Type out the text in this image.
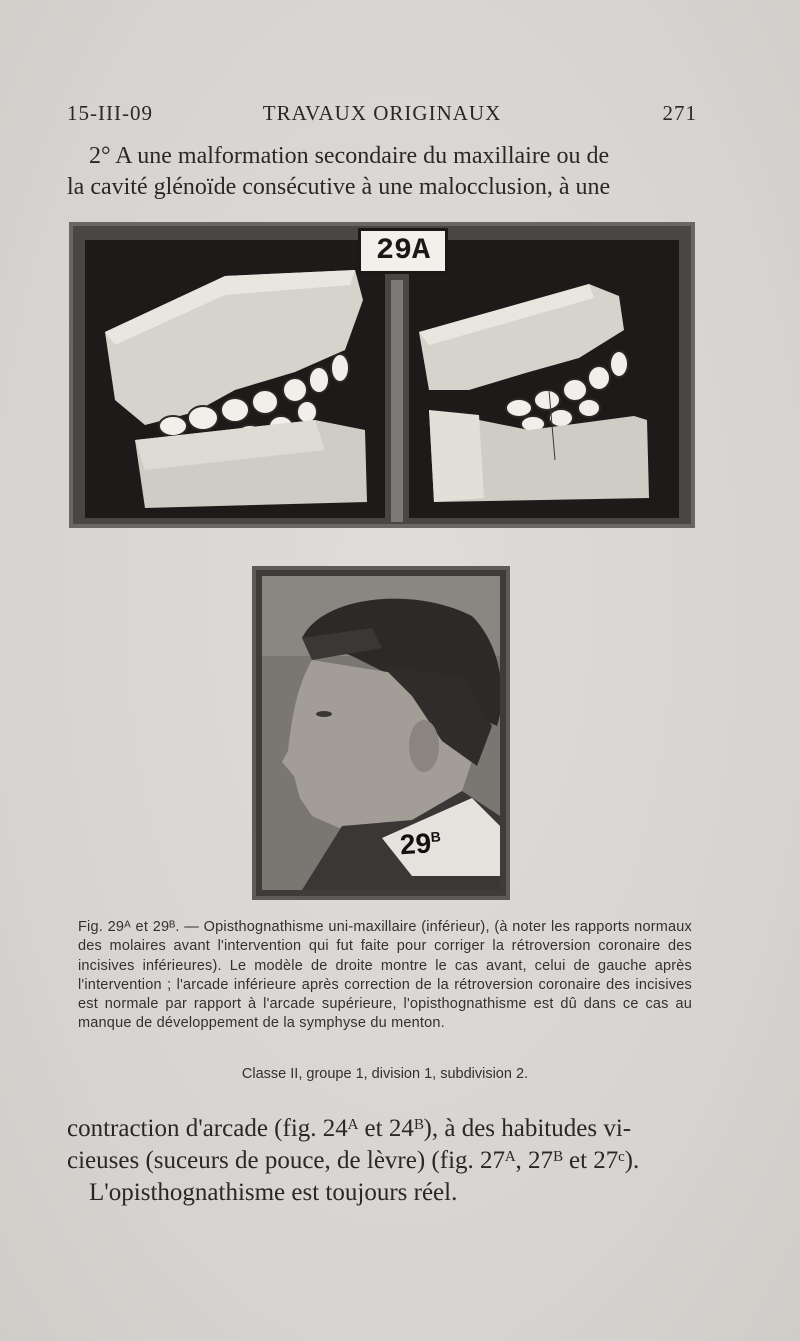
15-III-09	TRAVAUX ORIGINAUX	271
2° A une malformation secondaire du maxillaire ou de
la cavité glénoïde consécutive à une malocclusion, à une
29A
$29^B$
Fig. 29ᴬ et 29ᴮ. — Opisthognathisme uni-maxillaire (inférieur), (à noter les rapports normaux des molaires avant l'intervention qui fut faite pour corriger la rétroversion coronaire des incisives inférieures). Le modèle de droite montre le cas avant, celui de gauche après l'intervention ; l'arcade inférieure après correction de la rétroversion coronaire des incisives est normale par rapport à l'arcade supérieure, l'opisthognathisme est dû dans ce cas au manque de développement de la symphyse du menton.
Classe II, groupe 1, division 1, subdivision 2.
contraction d'arcade (fig. 24ᴬ et 24ᴮ), à des habitudes vi-
cieuses (suceurs de pouce, de lèvre) (fig. 27ᴬ, 27ᴮ et 27ᶜ).
L'opisthognathisme est toujours réel.
